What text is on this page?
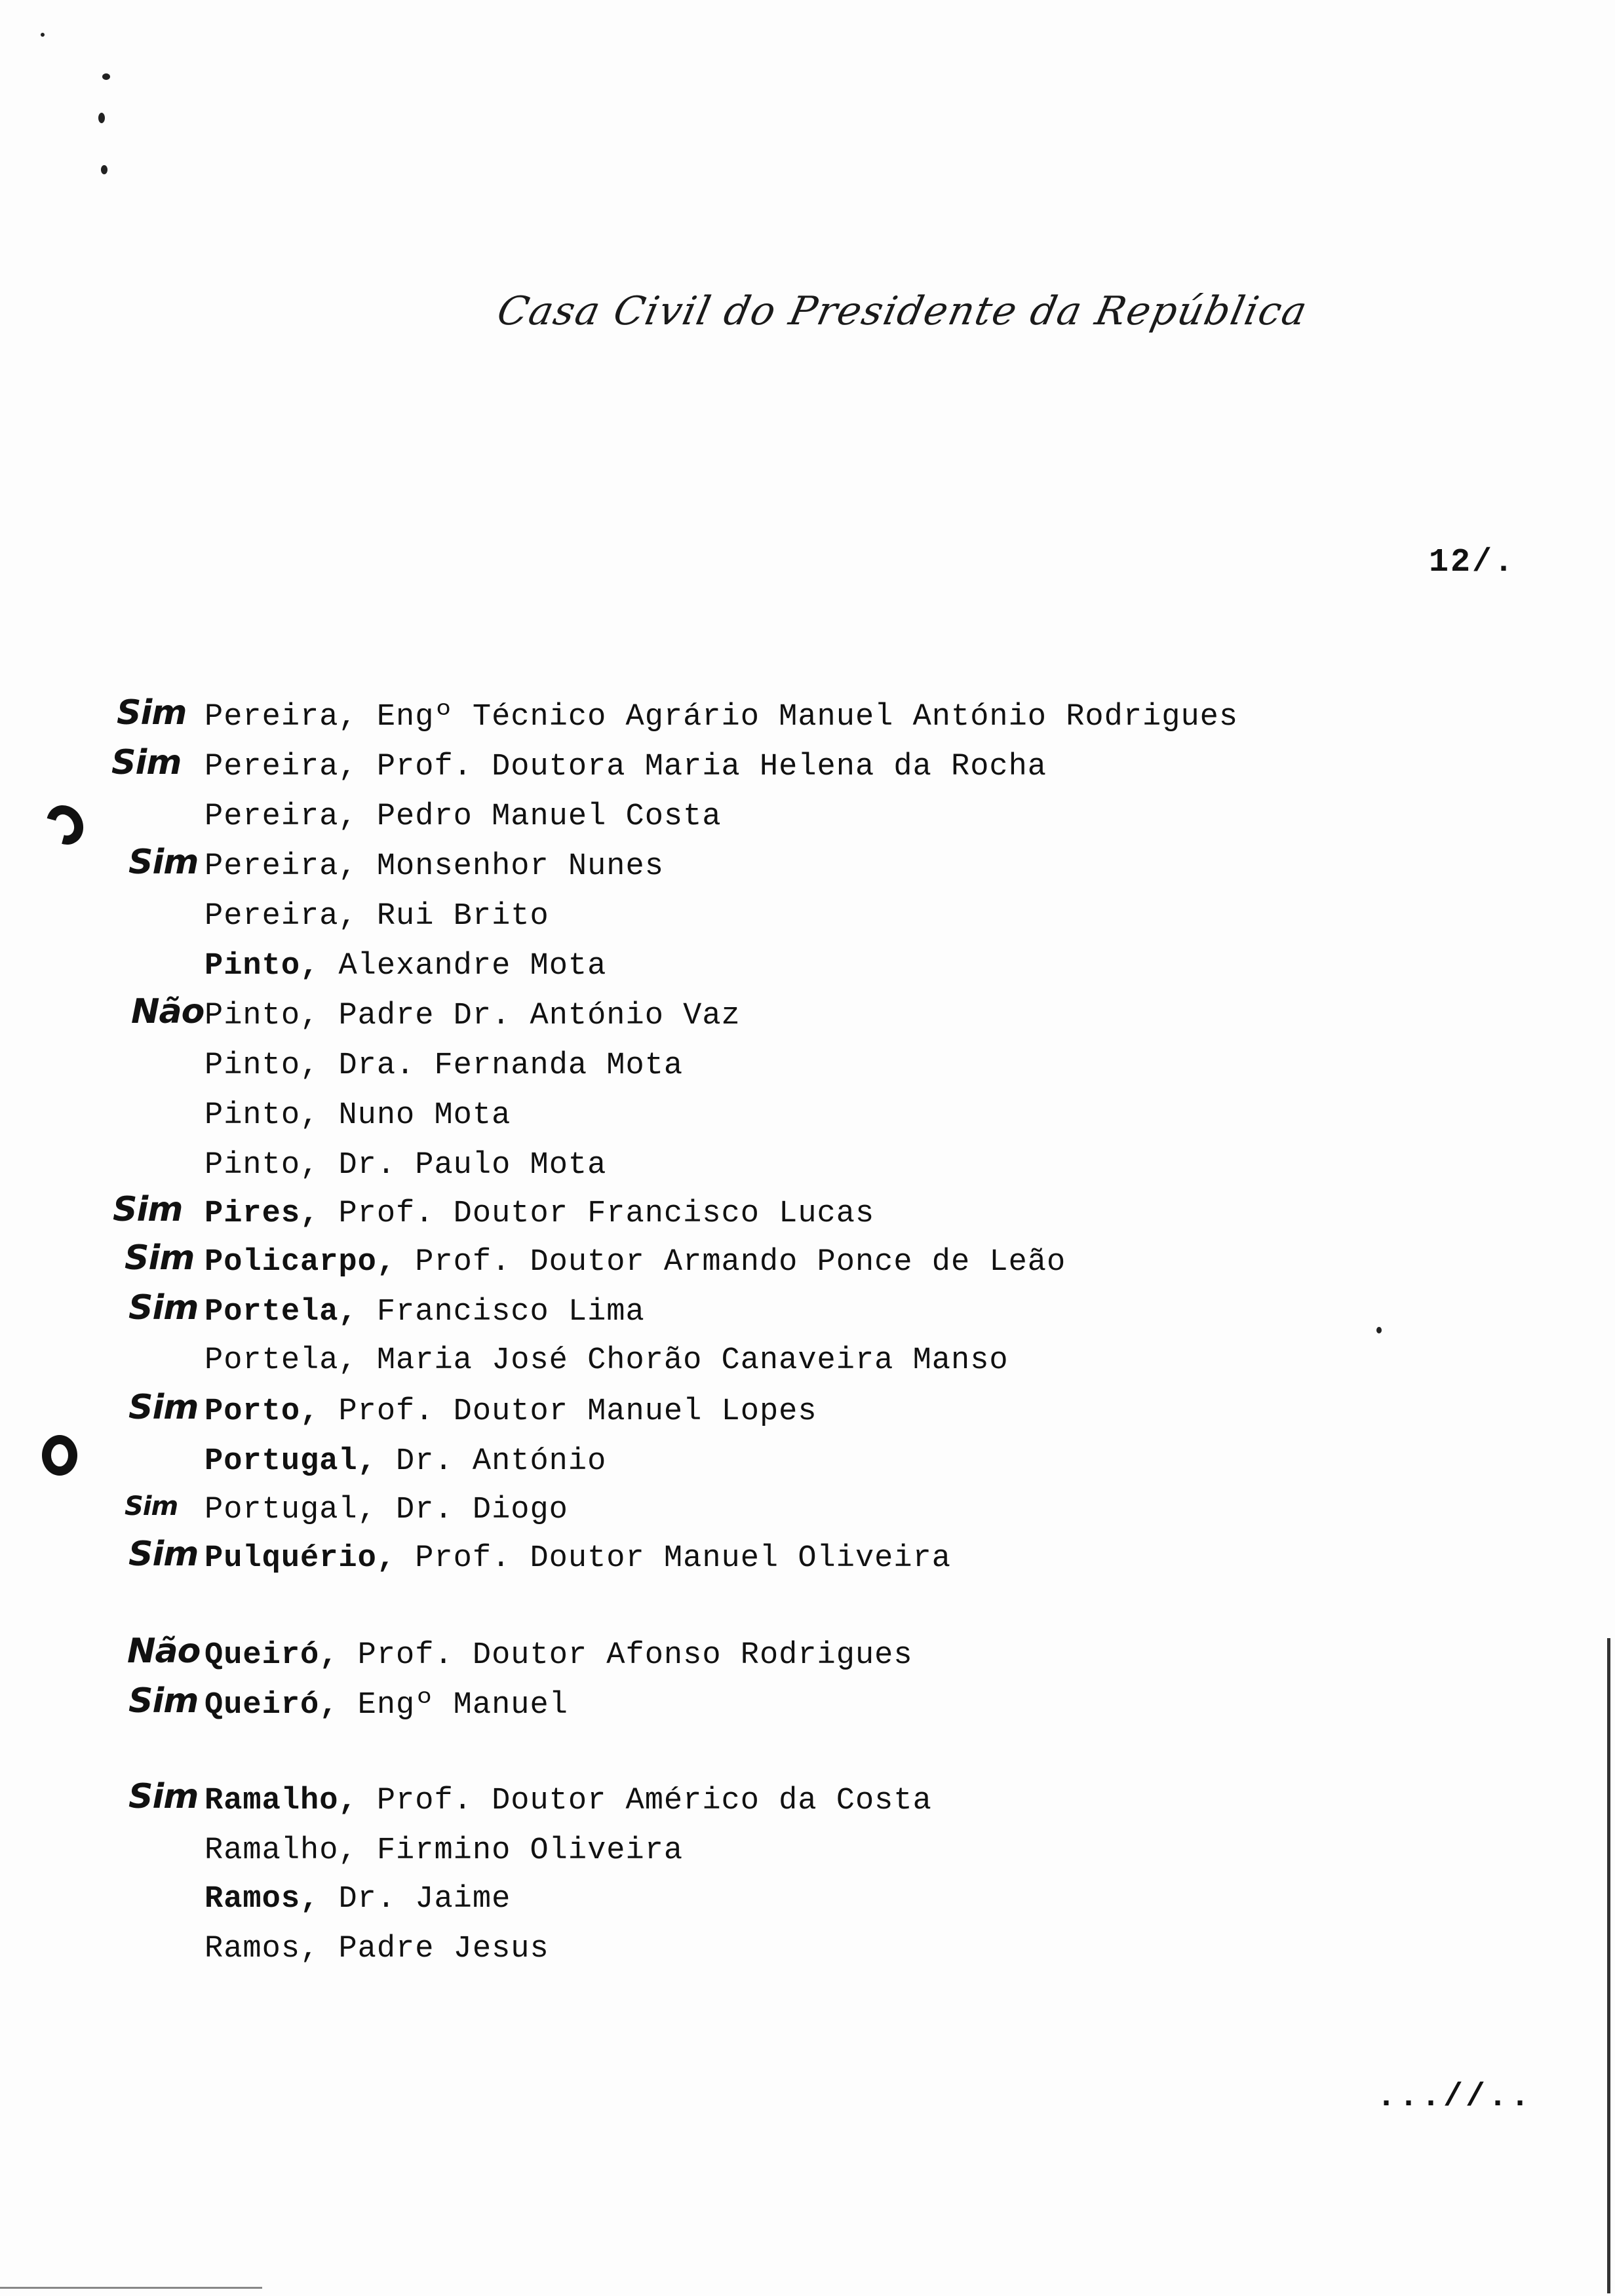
Casa Civil do Presidente da República
12/.
Sim Pereira, Engº Técnico Agrário Manuel António Rodrigues
Sim Pereira, Prof. Doutora Maria Helena da Rocha
Pereira, Pedro Manuel Costa
Sim Pereira, Monsenhor Nunes
Pereira, Rui Brito
Pinto, Alexandre Mota
Não Pinto, Padre Dr. António Vaz
Pinto, Dra. Fernanda Mota
Pinto, Nuno Mota
Pinto, Dr. Paulo Mota
Sim Pires, Prof. Doutor Francisco Lucas
Sim Policarpo, Prof. Doutor Armando Ponce de Leão
Sim Portela, Francisco Lima
Portela, Maria José Chorão Canaveira Manso
Sim Porto, Prof. Doutor Manuel Lopes
Portugal, Dr. António
Sim Portugal, Dr. Diogo
Sim Pulquério, Prof. Doutor Manuel Oliveira
Não Queiró, Prof. Doutor Afonso Rodrigues
Sim Queiró, Engº Manuel
Sim Ramalho, Prof. Doutor Américo da Costa
Ramalho, Firmino Oliveira
Ramos, Dr. Jaime
Ramos, Padre Jesus
...//..
